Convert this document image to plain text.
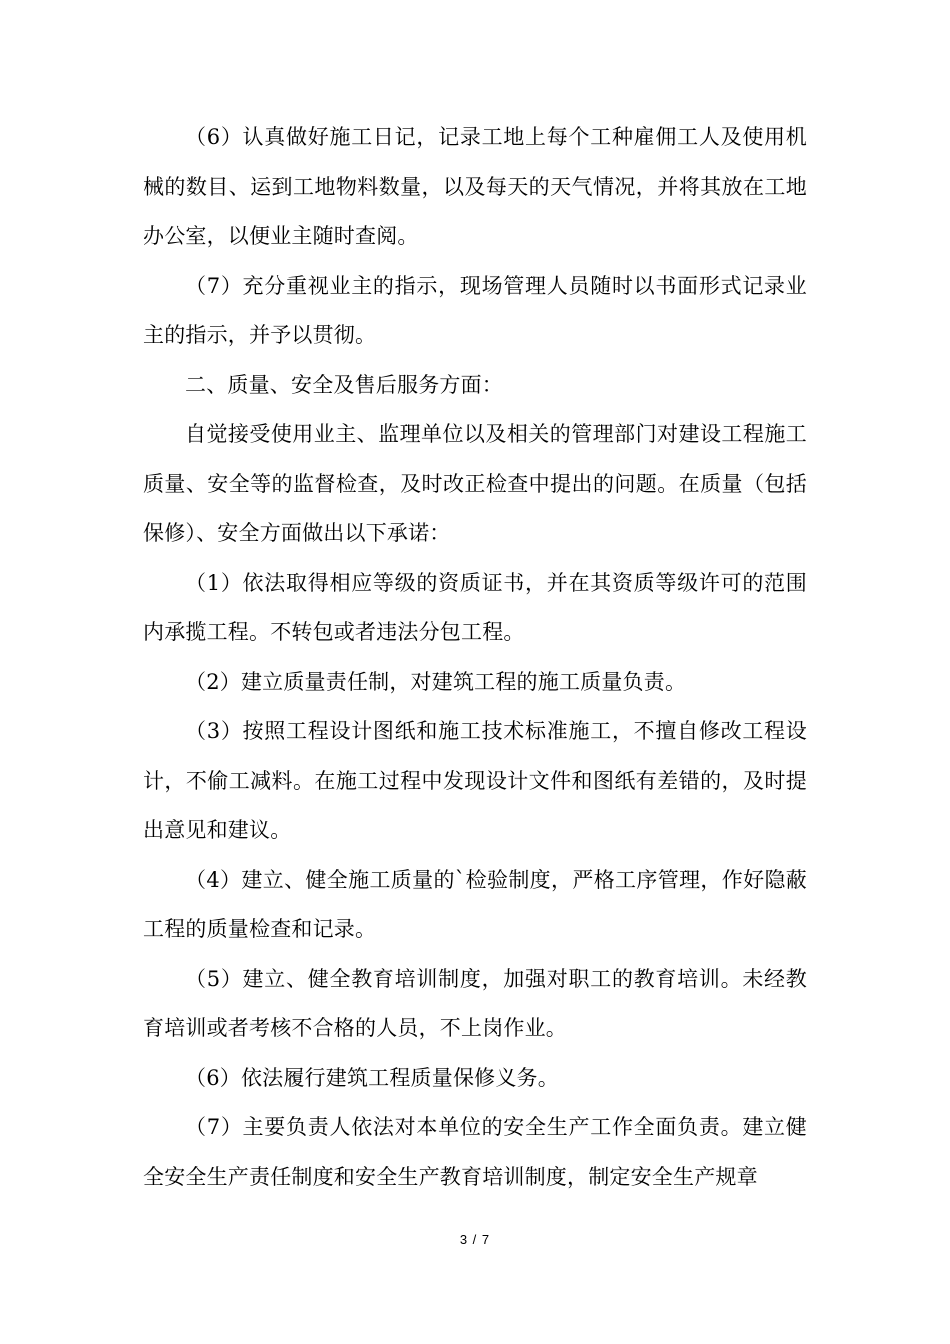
（6）认真做好施工日记，记录工地上每个工种雇佣工人及使用机械的数目、运到工地物料数量，以及每天的天气情况，并将其放在工地办公室，以便业主随时查阅。

（7）充分重视业主的指示，现场管理人员随时以书面形式记录业主的指示，并予以贯彻。

二、质量、安全及售后服务方面：

自觉接受使用业主、监理单位以及相关的管理部门对建设工程施工质量、安全等的监督检查，及时改正检查中提出的问题。在质量（包括保修）、安全方面做出以下承诺：

（1）依法取得相应等级的资质证书，并在其资质等级许可的范围内承揽工程。不转包或者违法分包工程。

（2）建立质量责任制，对建筑工程的施工质量负责。

（3）按照工程设计图纸和施工技术标准施工，不擅自修改工程设计，不偷工减料。在施工过程中发现设计文件和图纸有差错的，及时提出意见和建议。

（4）建立、健全施工质量的`检验制度，严格工序管理，作好隐蔽工程的质量检查和记录。

（5）建立、健全教育培训制度，加强对职工的教育培训。未经教育培训或者考核不合格的人员，不上岗作业。

（6）依法履行建筑工程质量保修义务。

（7）主要负责人依法对本单位的安全生产工作全面负责。建立健全安全生产责任制度和安全生产教育培训制度，制定安全生产规章

3 / 7
